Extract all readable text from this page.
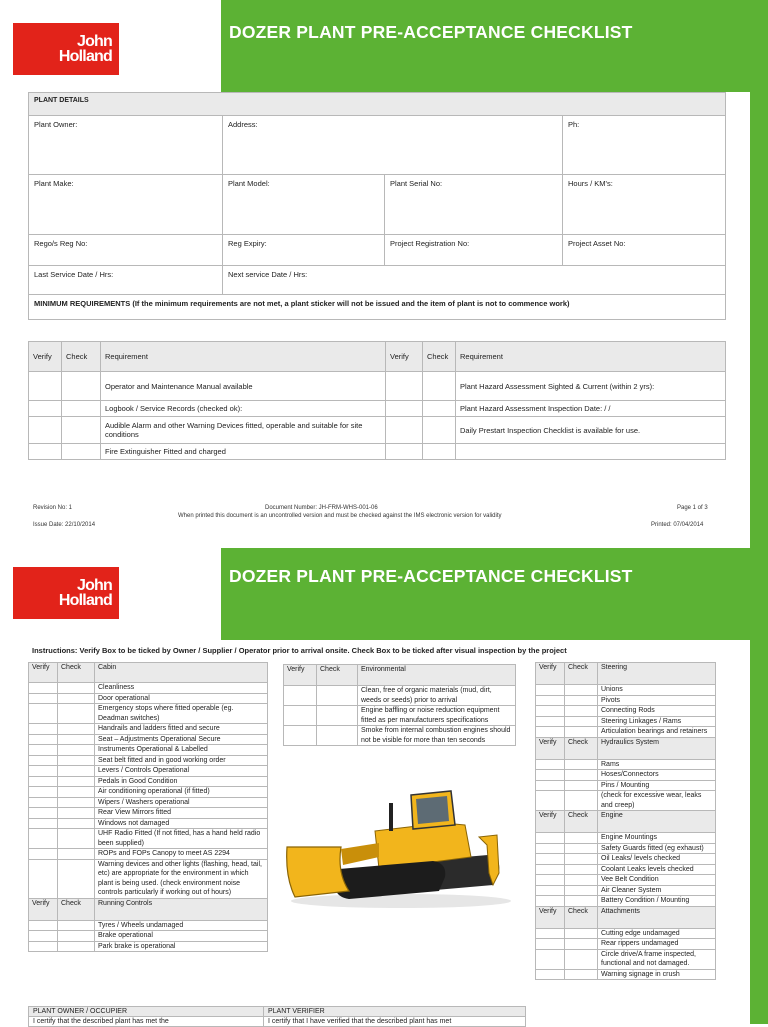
John
Holland
DOZER PLANT PRE-ACCEPTANCE CHECKLIST
PLANT DETAILS			
Plant Owner:	Address:		Ph:
Plant Make:	Plant Model:	Plant Serial No:	Hours / KM's:
Rego/s Reg No:	Reg Expiry:	Project Registration No:	Project Asset No:
Last Service Date / Hrs:	Next service Date / Hrs:		
MINIMUM REQUIREMENTS (If the minimum requirements are not met, a plant sticker will not be issued and the item of plant is not to commence work)			
Verify	Check	Requirement	Verify	Check	Requirement
		Operator and Maintenance Manual available			Plant Hazard Assessment Sighted & Current (within 2 yrs):
		Logbook / Service Records (checked ok):			Plant Hazard Assessment Inspection Date: / /
		Audible Alarm and other Warning Devices fitted, operable and suitable for site conditions			Daily Prestart Inspection Checklist is available for use.
		Fire Extinguisher Fitted and charged			
Revision No: 1
Issue Date: 22/10/2014
Document Number: JH-FRM-WHS-001-06
When printed this document is an uncontrolled version and must be checked against the IMS electronic version for validity
Page 1 of 3
Printed: 07/04/2014
John
Holland
DOZER PLANT PRE-ACCEPTANCE CHECKLIST
Instructions: Verify Box to be ticked by Owner / Supplier / Operator prior to arrival onsite. Check Box to be ticked after visual inspection by the project
Verify	Check	Cabin
		Cleanliness
		Door operational
		Emergency stops where fitted operable (eg. Deadman switches)
		Handrails and ladders fitted and secure
		Seat – Adjustments Operational Secure
		Instruments Operational & Labelled
		Seat belt fitted and in good working order
		Levers / Controls Operational
		Pedals in Good Condition
		Air conditioning operational (if fitted)
		Wipers / Washers operational
		Rear View Mirrors fitted
		Windows not damaged
		UHF Radio Fitted (If not fitted, has a hand held radio been supplied)
		ROPs and FOPs Canopy to meet AS 2294
		Warning devices and other lights (flashing, head, tail, etc) are appropriate for the environment in which plant is being used. (check environment noise controls particularly if working out of hours)
Verify	Check	Running Controls
		Tyres / Wheels undamaged
		Brake operational
		Park brake is operational
Verify	Check	Environmental
		Clean, free of organic materials (mud, dirt, weeds or seeds) prior to arrival
		Engine baffling or noise reduction equipment fitted as per manufacturers specifications
		Smoke from internal combustion engines should not be visible for more than ten seconds
Verify	Check	Steering
		Unions
		Pivots
		Connecting Rods
		Steering Linkages / Rams
		Articulation bearings and retainers
Verify	Check	Hydraulics System
		Rams
		Hoses/Connectors
		Pins / Mounting
		(check for excessive wear, leaks and creep)
Verify	Check	Engine
		Engine Mountings
		Safety Guards fitted (eg exhaust)
		Oil Leaks/ levels checked
		Coolant Leaks levels checked
		Vee Belt Condition
		Air Cleaner System
		Battery Condition / Mounting
Verify	Check	Attachments
		Cutting edge undamaged
		Rear rippers undamaged
		Circle drive/A frame inspected, functional and not damaged.
		Warning signage in crush
PLANT OWNER / OCCUPIER	PLANT VERIFIER
I certify that the described plant has met the	I certify that I have verified that the described plant has met
